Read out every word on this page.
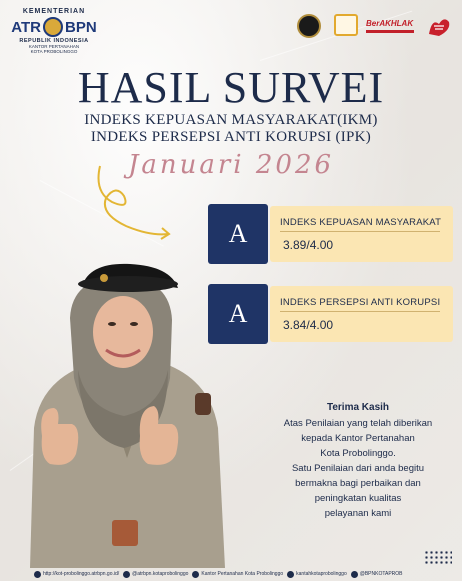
KEMENTERIAN
ATR BPN
REPUBLIK INDONESIA
KANTOR PERTANAHAN
KOTA PROBOLINGGO
BerAKHLAK
HASIL SURVEI
INDEKS KEPUASAN MASYARAKAT(IKM)
INDEKS PERSEPSI ANTI KORUPSI (IPK)
Januari 2026
A	INDEKS KEPUASAN MASYARAKAT
3.89/4.00
A	INDEKS PERSEPSI ANTI KORUPSI
3.84/4.00
Terima Kasih
Atas Penilaian yang telah diberikan
kepada Kantor Pertanahan
Kota Probolinggo.
Satu Penilaian dari anda begitu
bermakna bagi perbaikan dan
peningkatan kualitas
pelayanan kami
http://kot-probolinggo.atrbpn.go.id/	@atrbpn.kotaprobolinggo	Kantor Pertanahan Kota Probolinggo	kantahkotaprobolinggo	@BPNKOTAPROB
